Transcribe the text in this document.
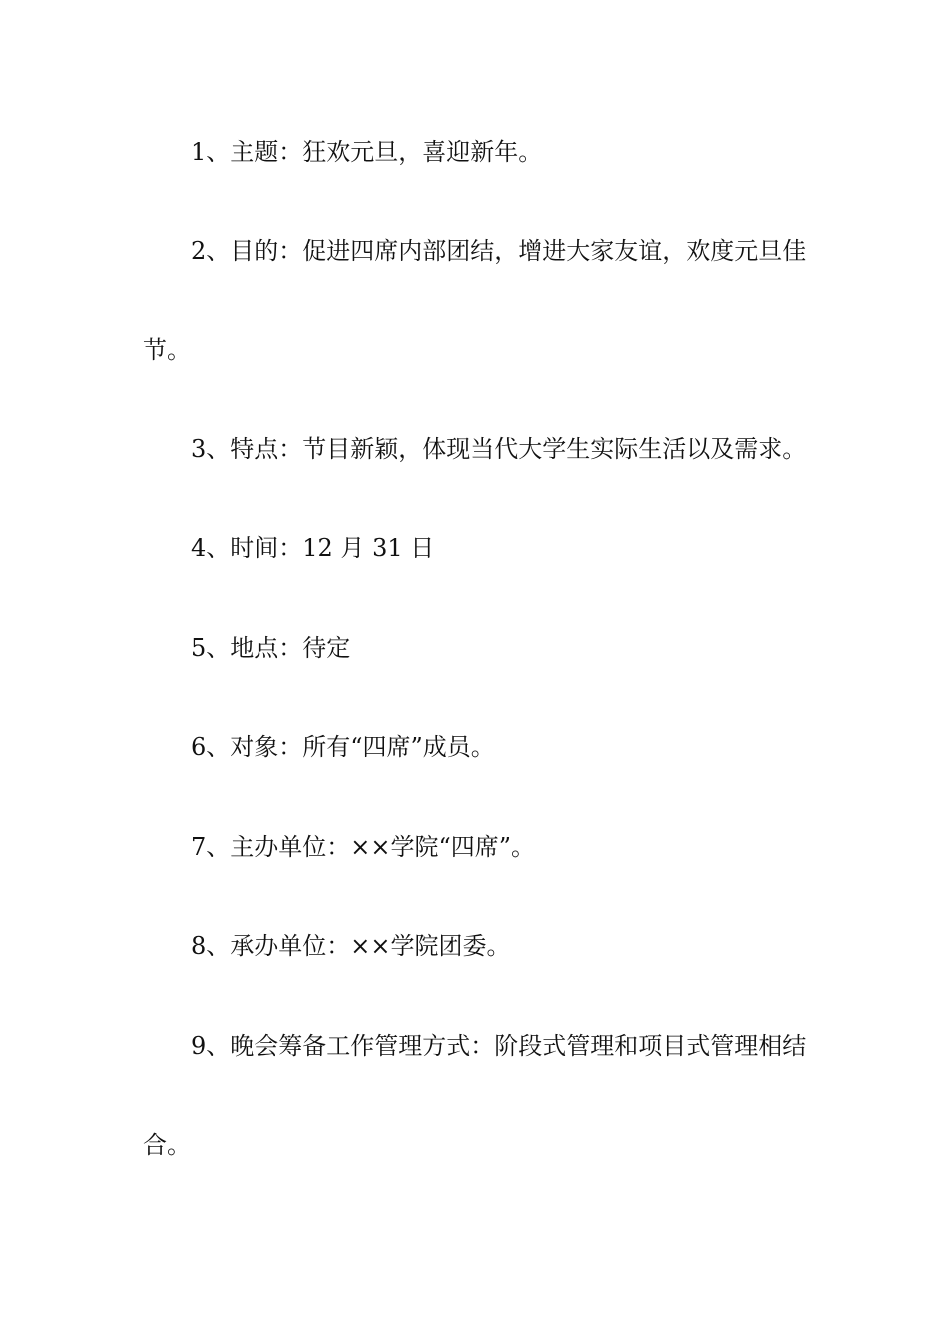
1、主题：狂欢元旦，喜迎新年。

2、目的：促进四席内部团结，增进大家友谊，欢度元旦佳

节。

3、特点：节目新颖，体现当代大学生实际生活以及需求。

4、时间：12 月 31 日

5、地点：待定

6、对象：所有“四席”成员。

7、主办单位：××学院“四席”。

8、承办单位：××学院团委。

9、晚会筹备工作管理方式：阶段式管理和项目式管理相结

合。
